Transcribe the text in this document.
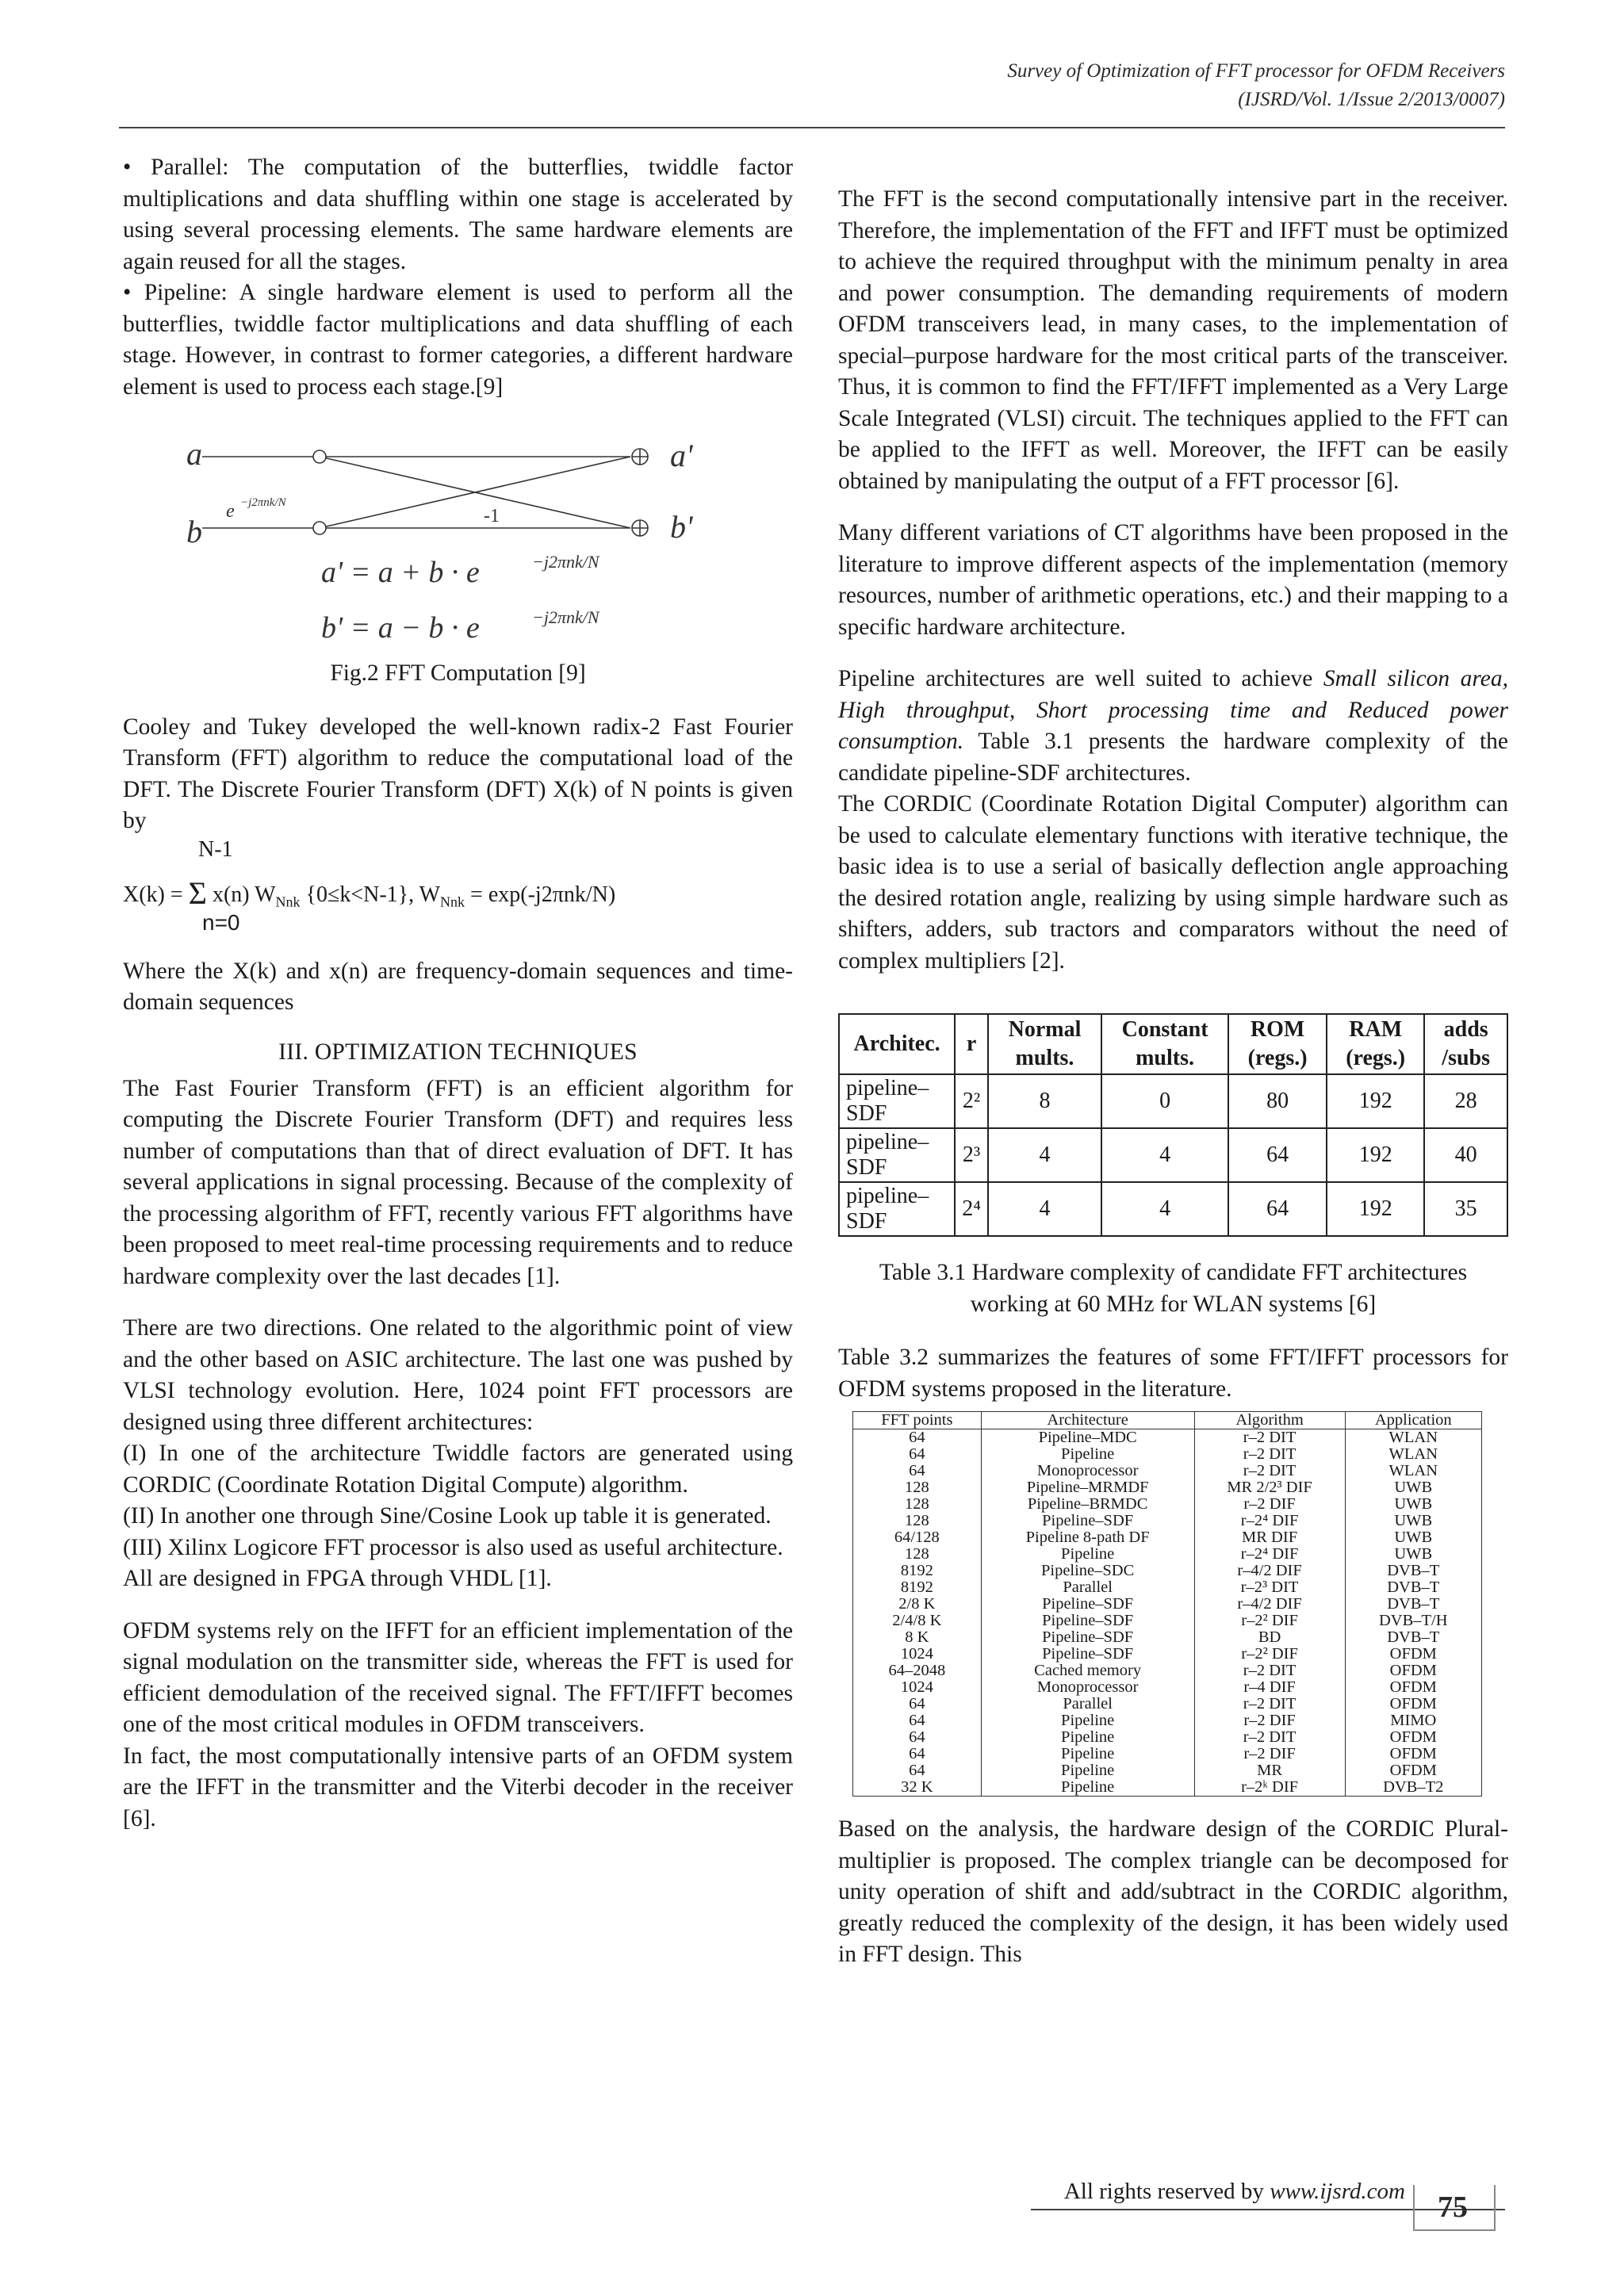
Survey of Optimization of FFT processor for OFDM Receivers
(IJSRD/Vol. 1/Issue 2/2013/0007)

• Parallel: The computation of the butterflies, twiddle factor multiplications and data shuffling within one stage is accelerated by using several processing elements. The same hardware elements are again reused for all the stages.

• Pipeline: A single hardware element is used to perform all the butterflies, twiddle factor multiplications and data shuffling of each stage. However, in contrast to former categories, a different hardware element is used to process each stage.[9]

a
b
a'
b'
e −j2πnk/N
-1
a' = a + b · e	−j2πnk/N
b' = a − b · e	−j2πnk/N
Fig.2 FFT Computation [9]

Cooley and Tukey developed the well-known radix-2 Fast Fourier Transform (FFT) algorithm to reduce the computational load of the DFT. The Discrete Fourier Transform (DFT) X(k) of N points is given by

N-1
X(k) = Σ x(n) $W_{Nnk}$ {0≤k<N-1}, $W_{Nnk} = \exp(-j2\pi nk/N)$
n=0

Where the X(k) and x(n) are frequency-domain sequences and time-domain sequences

III. OPTIMIZATION TECHNIQUES

The Fast Fourier Transform (FFT) is an efficient algorithm for computing the Discrete Fourier Transform (DFT) and requires less number of computations than that of direct evaluation of DFT. It has several applications in signal processing. Because of the complexity of the processing algorithm of FFT, recently various FFT algorithms have been proposed to meet real-time processing requirements and to reduce hardware complexity over the last decades [1].

There are two directions. One related to the algorithmic point of view and the other based on ASIC architecture. The last one was pushed by VLSI technology evolution. Here, 1024 point FFT processors are designed using three different architectures:

(I) In one of the architecture Twiddle factors are generated using CORDIC (Coordinate Rotation Digital Compute) algorithm.

(II) In another one through Sine/Cosine Look up table it is generated.

(III) Xilinx Logicore FFT processor is also used as useful architecture.

All are designed in FPGA through VHDL [1].

OFDM systems rely on the IFFT for an efficient implementation of the signal modulation on the transmitter side, whereas the FFT is used for efficient demodulation of the received signal. The FFT/IFFT becomes one of the most critical modules in OFDM transceivers.

In fact, the most computationally intensive parts of an OFDM system are the IFFT in the transmitter and the Viterbi decoder in the receiver [6].

The FFT is the second computationally intensive part in the receiver. Therefore, the implementation of the FFT and IFFT must be optimized to achieve the required throughput with the minimum penalty in area and power consumption. The demanding requirements of modern OFDM transceivers lead, in many cases, to the implementation of special–purpose hardware for the most critical parts of the transceiver. Thus, it is common to find the FFT/IFFT implemented as a Very Large Scale Integrated (VLSI) circuit. The techniques applied to the FFT can be applied to the IFFT as well. Moreover, the IFFT can be easily obtained by manipulating the output of a FFT processor [6].

Many different variations of CT algorithms have been proposed in the literature to improve different aspects of the implementation (memory resources, number of arithmetic operations, etc.) and their mapping to a specific hardware architecture.

Pipeline architectures are well suited to achieve Small silicon area, High throughput, Short processing time and Reduced power consumption. Table 3.1 presents the hardware complexity of the candidate pipeline-SDF architectures.

The CORDIC (Coordinate Rotation Digital Computer) algorithm can be used to calculate elementary functions with iterative technique, the basic idea is to use a serial of basically deflection angle approaching the desired rotation angle, realizing by using simple hardware such as shifters, adders, sub tractors and comparators without the need of complex multipliers [2].

Architec.	r	Normal mults.	Constant mults.	ROM (regs.)	RAM (regs.)	adds /subs
pipeline–SDF	2²	8	0	80	192	28
pipeline–SDF	2³	4	4	64	192	40
pipeline–SDF	2⁴	4	4	64	192	35
Table 3.1 Hardware complexity of candidate FFT architectures working at 60 MHz for WLAN systems [6]

Table 3.2 summarizes the features of some FFT/IFFT processors for OFDM systems proposed in the literature.

FFT points	Architecture	Algorithm	Application
64	Pipeline–MDC	r–2 DIT	WLAN
64	Pipeline	r–2 DIT	WLAN
64	Monoprocessor	r–2 DIT	WLAN
128	Pipeline–MRMDF	MR 2/2³ DIF	UWB
128	Pipeline–BRMDC	r–2 DIF	UWB
128	Pipeline–SDF	r–2⁴ DIF	UWB
64/128	Pipeline 8-path DF	MR DIF	UWB
128	Pipeline	r–2⁴ DIF	UWB
8192	Pipeline–SDC	r–4/2 DIF	DVB–T
8192	Parallel	r–2³ DIT	DVB–T
2/8 K	Pipeline–SDF	r–4/2 DIF	DVB–T
2/4/8 K	Pipeline–SDF	r–2² DIF	DVB–T/H
8 K	Pipeline–SDF	BD	DVB–T
1024	Pipeline–SDF	r–2² DIF	OFDM
64–2048	Cached memory	r–2 DIT	OFDM
1024	Monoprocessor	r–4 DIF	OFDM
64	Parallel	r–2 DIT	OFDM
64	Pipeline	r–2 DIF	MIMO
64	Pipeline	r–2 DIT	OFDM
64	Pipeline	r–2 DIF	OFDM
64	Pipeline	MR	OFDM
32 K	Pipeline	r–2ᵏ DIF	DVB–T2

Based on the analysis, the hardware design of the CORDIC Plural-multiplier is proposed. The complex triangle can be decomposed for unity operation of shift and add/subtract in the CORDIC algorithm, greatly reduced the complexity of the design, it has been widely used in FFT design. This

All rights reserved by www.ijsrd.com	75
